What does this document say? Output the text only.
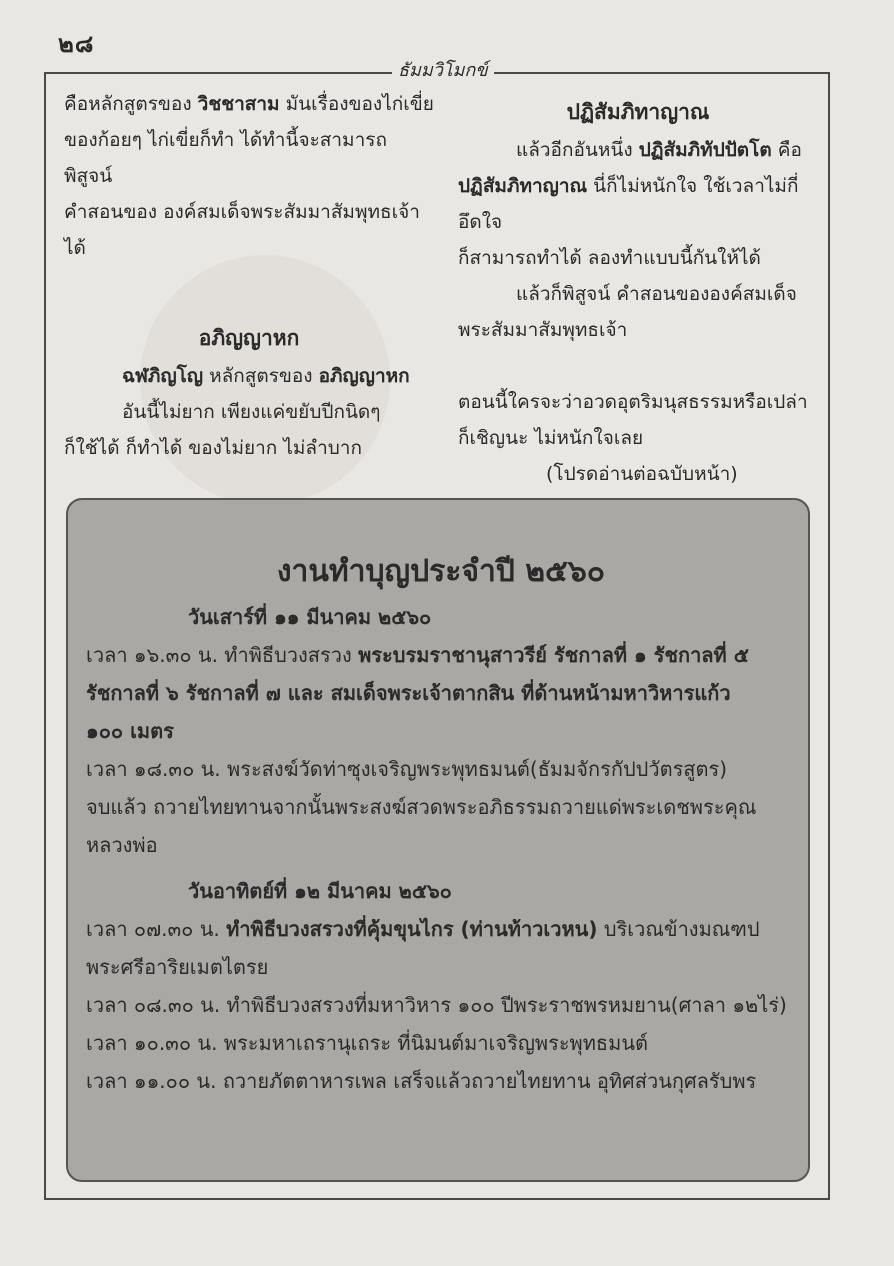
๒๘
ธัมมวิโมกข์

คือหลักสูตรของ วิชชาสาม มันเรื่องของไก่เขี่ย

ของก้อยๆ ไก่เขี่ยก็ทำ ได้ทำนี้จะสามารถพิสูจน์

คำสอนของ องค์สมเด็จพระสัมมาสัมพุทธเจ้าได้

อภิญญาหก

ฉฬภิญโญ หลักสูตรของ อภิญญาหก

อันนี้ไม่ยาก เพียงแค่ขยับปีกนิดๆ

ก็ใช้ได้ ก็ทำได้ ของไม่ยาก ไม่ลำบาก

ปฏิสัมภิทาญาณ

แล้วอีกอันหนึ่ง ปฏิสัมภิทัปปัตโต คือ

ปฏิสัมภิทาญาณ นี่ก็ไม่หนักใจ ใช้เวลาไม่กี่อึดใจ

ก็สามารถทำได้ ลองทำแบบนี้กันให้ได้

แล้วก็พิสูจน์ คำสอนขององค์สมเด็จ

พระสัมมาสัมพุทธเจ้า

ตอนนี้ใครจะว่าอวดอุตริมนุสธรรมหรือเปล่า

ก็เชิญนะ ไม่หนักใจเลย

(โปรดอ่านต่อฉบับหน้า)

งานทำบุญประจำปี ๒๕๖๐

วันเสาร์ที่ ๑๑ มีนาคม ๒๕๖๐

เวลา ๑๖.๓๐ น. ทำพิธีบวงสรวง พระบรมราชานุสาวรีย์ รัชกาลที่ ๑ รัชกาลที่ ๕

รัชกาลที่ ๖ รัชกาลที่ ๗ และ สมเด็จพระเจ้าตากสิน ที่ด้านหน้ามหาวิหารแก้ว

๑๐๐ เมตร

เวลา ๑๘.๓๐ น. พระสงฆ์วัดท่าซุงเจริญพระพุทธมนต์(ธัมมจักรกัปปวัตรสูตร)

จบแล้ว ถวายไทยทานจากนั้นพระสงฆ์สวดพระอภิธรรมถวายแด่พระเดชพระคุณ

หลวงพ่อ

วันอาทิตย์ที่ ๑๒ มีนาคม ๒๕๖๐

เวลา ๐๗.๓๐ น. ทำพิธีบวงสรวงที่คุ้มขุนไกร (ท่านท้าวเวหน) บริเวณข้างมณฑป

พระศรีอาริยเมตไตรย

เวลา ๐๘.๓๐ น. ทำพิธีบวงสรวงที่มหาวิหาร ๑๐๐ ปีพระราชพรหมยาน(ศาลา ๑๒ไร่)

เวลา ๑๐.๓๐ น. พระมหาเถรานุเถระ ที่นิมนต์มาเจริญพระพุทธมนต์

เวลา ๑๑.๐๐ น. ถวายภัตตาหารเพล เสร็จแล้วถวายไทยทาน อุทิศส่วนกุศลรับพร
